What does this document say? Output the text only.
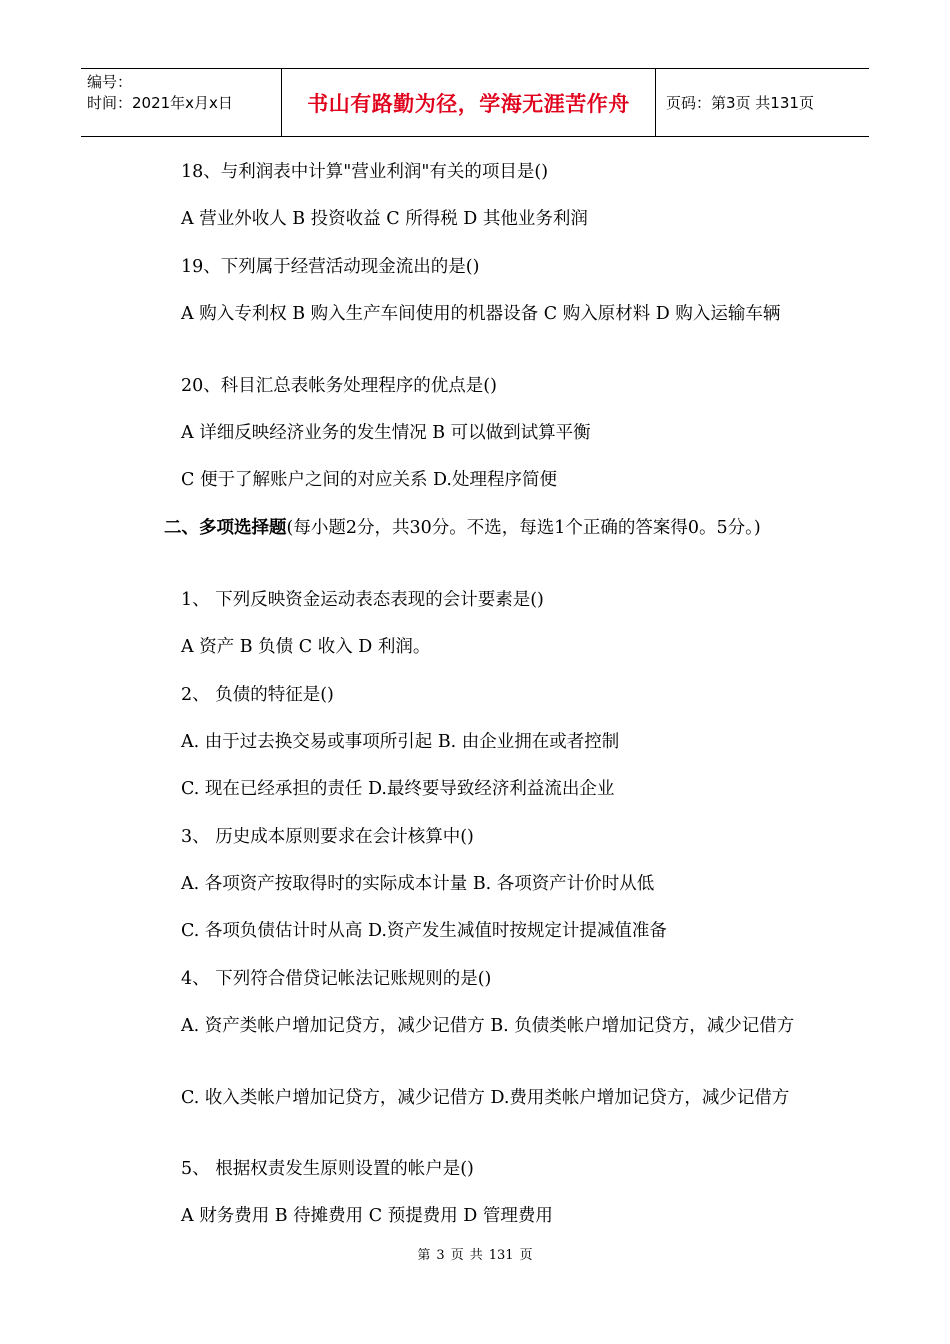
编号：
时间：2021年x月x日	书山有路勤为径，学海无涯苦作舟	页码：第3页 共131页

18、与利润表中计算"营业利润"有关的项目是()

A 营业外收人 B 投资收益 C 所得税 D 其他业务利润

19、下列属于经营活动现金流出的是()

A 购入专利权 B 购入生产车间使用的机器设备 C 购入原材料 D 购入运输车辆

20、科目汇总表帐务处理程序的优点是()

A 详细反映经济业务的发生情况 B 可以做到试算平衡

C 便于了解账户之间的对应关系 D.处理程序简便

二、多项选择题(每小题2分，共30分。不选，每选1个正确的答案得0。5分。)

1、 下列反映资金运动表态表现的会计要素是()

A 资产 B 负债 C 收入 D 利润。

2、 负债的特征是()

A. 由于过去换交易或事项所引起 B. 由企业拥在或者控制

C. 现在已经承担的责任 D.最终要导致经济利益流出企业

3、 历史成本原则要求在会计核算中()

A. 各项资产按取得时的实际成本计量 B. 各项资产计价时从低

C. 各项负债估计时从高 D.资产发生减值时按规定计提减值准备

4、 下列符合借贷记帐法记账规则的是()

A. 资产类帐户增加记贷方，减少记借方 B. 负债类帐户增加记贷方，减少记借方

C. 收入类帐户增加记贷方，减少记借方 D.费用类帐户增加记贷方，减少记借方

5、 根据权责发生原则设置的帐户是()

A 财务费用 B 待摊费用 C 预提费用 D 管理费用

第 3 页 共 131 页
